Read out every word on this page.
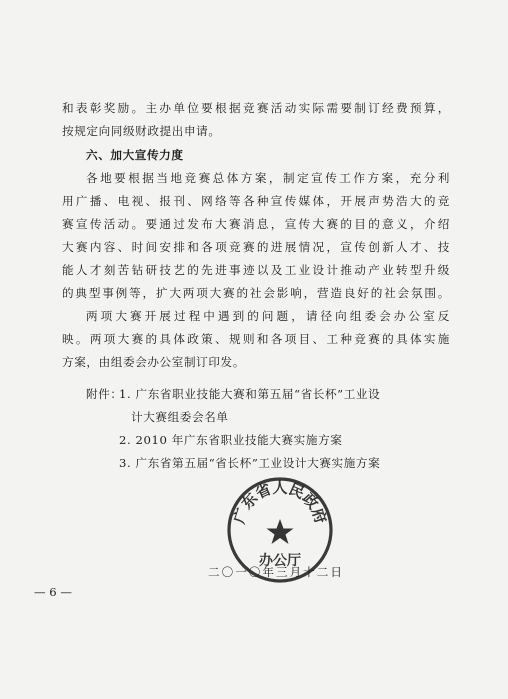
和表彰奖励。主办单位要根据竞赛活动实际需要制订经费预算，
按规定向同级财政提出申请。
六、加大宣传力度
各地要根据当地竞赛总体方案，制定宣传工作方案，充分利
用广播、电视、报刊、网络等各种宣传媒体，开展声势浩大的竞
赛宣传活动。要通过发布大赛消息，宣传大赛的目的意义，介绍
大赛内容、时间安排和各项竞赛的进展情况，宣传创新人才、技
能人才刻苦钻研技艺的先进事迹以及工业设计推动产业转型升级
的典型事例等，扩大两项大赛的社会影响，营造良好的社会氛围。
两项大赛开展过程中遇到的问题，请径向组委会办公室反
映。两项大赛的具体政策、规则和各项目、工种竞赛的具体实施
方案，由组委会办公室制订印发。
附件：
1. 广东省职业技能大赛和第五届“省长杯”工业设
计大赛组委会名单
2. 2010 年广东省职业技能大赛实施方案
3. 广东省第五届“省长杯”工业设计大赛实施方案
广东省人民政府
办公厅
二〇一〇年三月十二日
— 6 —
